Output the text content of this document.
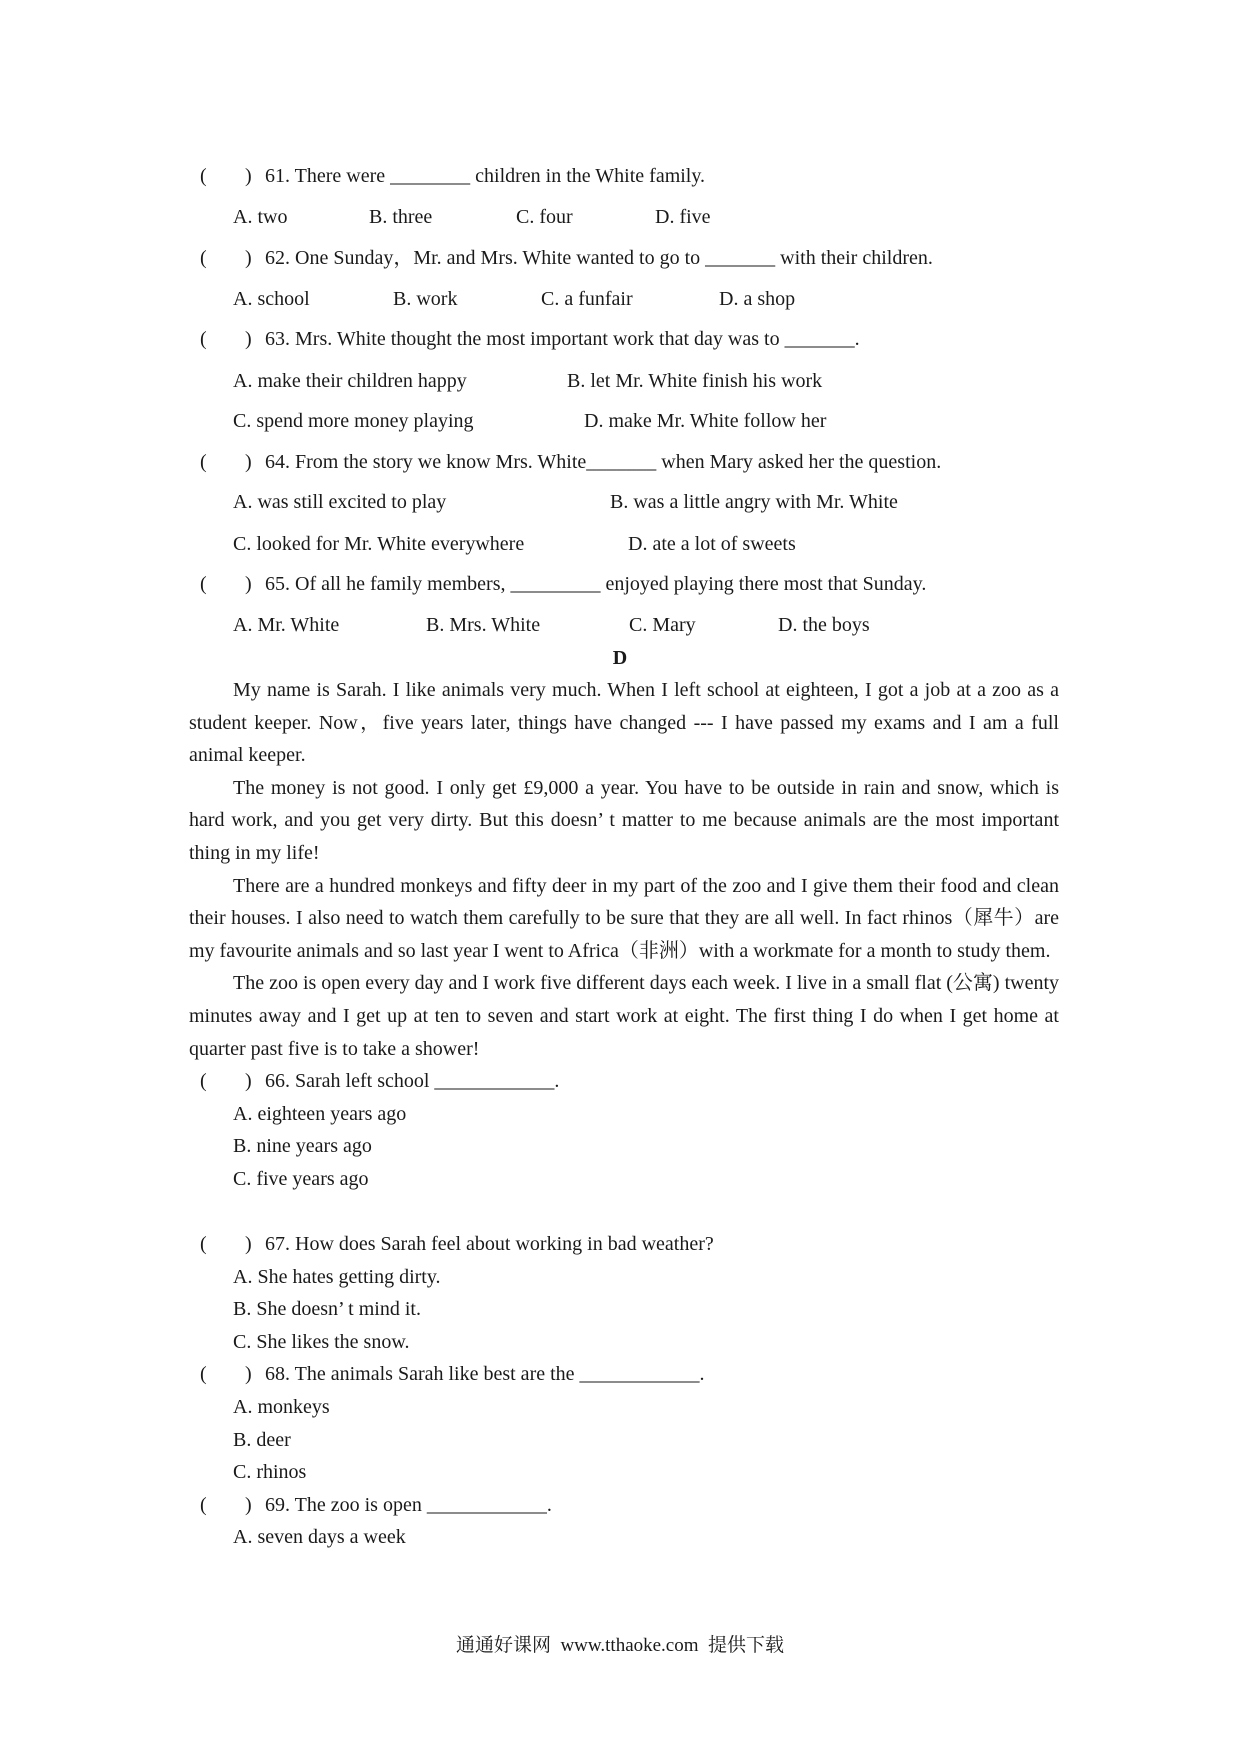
( ) 61. There were ________ children in the White family.
A. two	B. three	C. four	D. five
( ) 62. One Sunday，Mr. and Mrs. White wanted to go to _______ with their children.
A. school	B. work	C. a funfair	D. a shop
( ) 63. Mrs. White thought the most important work that day was to _______.
A. make their children happy	B. let Mr. White finish his work
C. spend more money playing	D. make Mr. White follow her
( ) 64. From the story we know Mrs. White_______ when Mary asked her the question.
A. was still excited to play	B. was a little angry with Mr. White
C. looked for Mr. White everywhere	D. ate a lot of sweets
( ) 65. Of all he family members, _________ enjoyed playing there most that Sunday.
A. Mr. White	B. Mrs. White	C. Mary	D. the boys
D

My name is Sarah. I like animals very much. When I left school at eighteen, I got a job at a zoo as a student keeper. Now，five years later, things have changed --- I have passed my exams and I am a full animal keeper.

The money is not good. I only get £9,000 a year. You have to be outside in rain and snow, which is hard work, and you get very dirty. But this doesn’ t matter to me because animals are the most important thing in my life!

There are a hundred monkeys and fifty deer in my part of the zoo and I give them their food and clean their houses. I also need to watch them carefully to be sure that they are all well. In fact rhinos（犀牛）are my favourite animals and so last year I went to Africa（非洲）with a workmate for a month to study them.

The zoo is open every day and I work five different days each week. I live in a small flat (公寓) twenty minutes away and I get up at ten to seven and start work at eight. The first thing I do when I get home at quarter past five is to take a shower!

( ) 66. Sarah left school ____________.
A. eighteen years ago
B. nine years ago
C. five years ago
( ) 67. How does Sarah feel about working in bad weather?
A. She hates getting dirty.
B. She doesn’ t mind it.
C. She likes the snow.
( ) 68. The animals Sarah like best are the ____________.
A. monkeys
B. deer
C. rhinos
( ) 69. The zoo is open ____________.
A. seven days a week
通通好课网  www.tthaoke.com  提供下载
